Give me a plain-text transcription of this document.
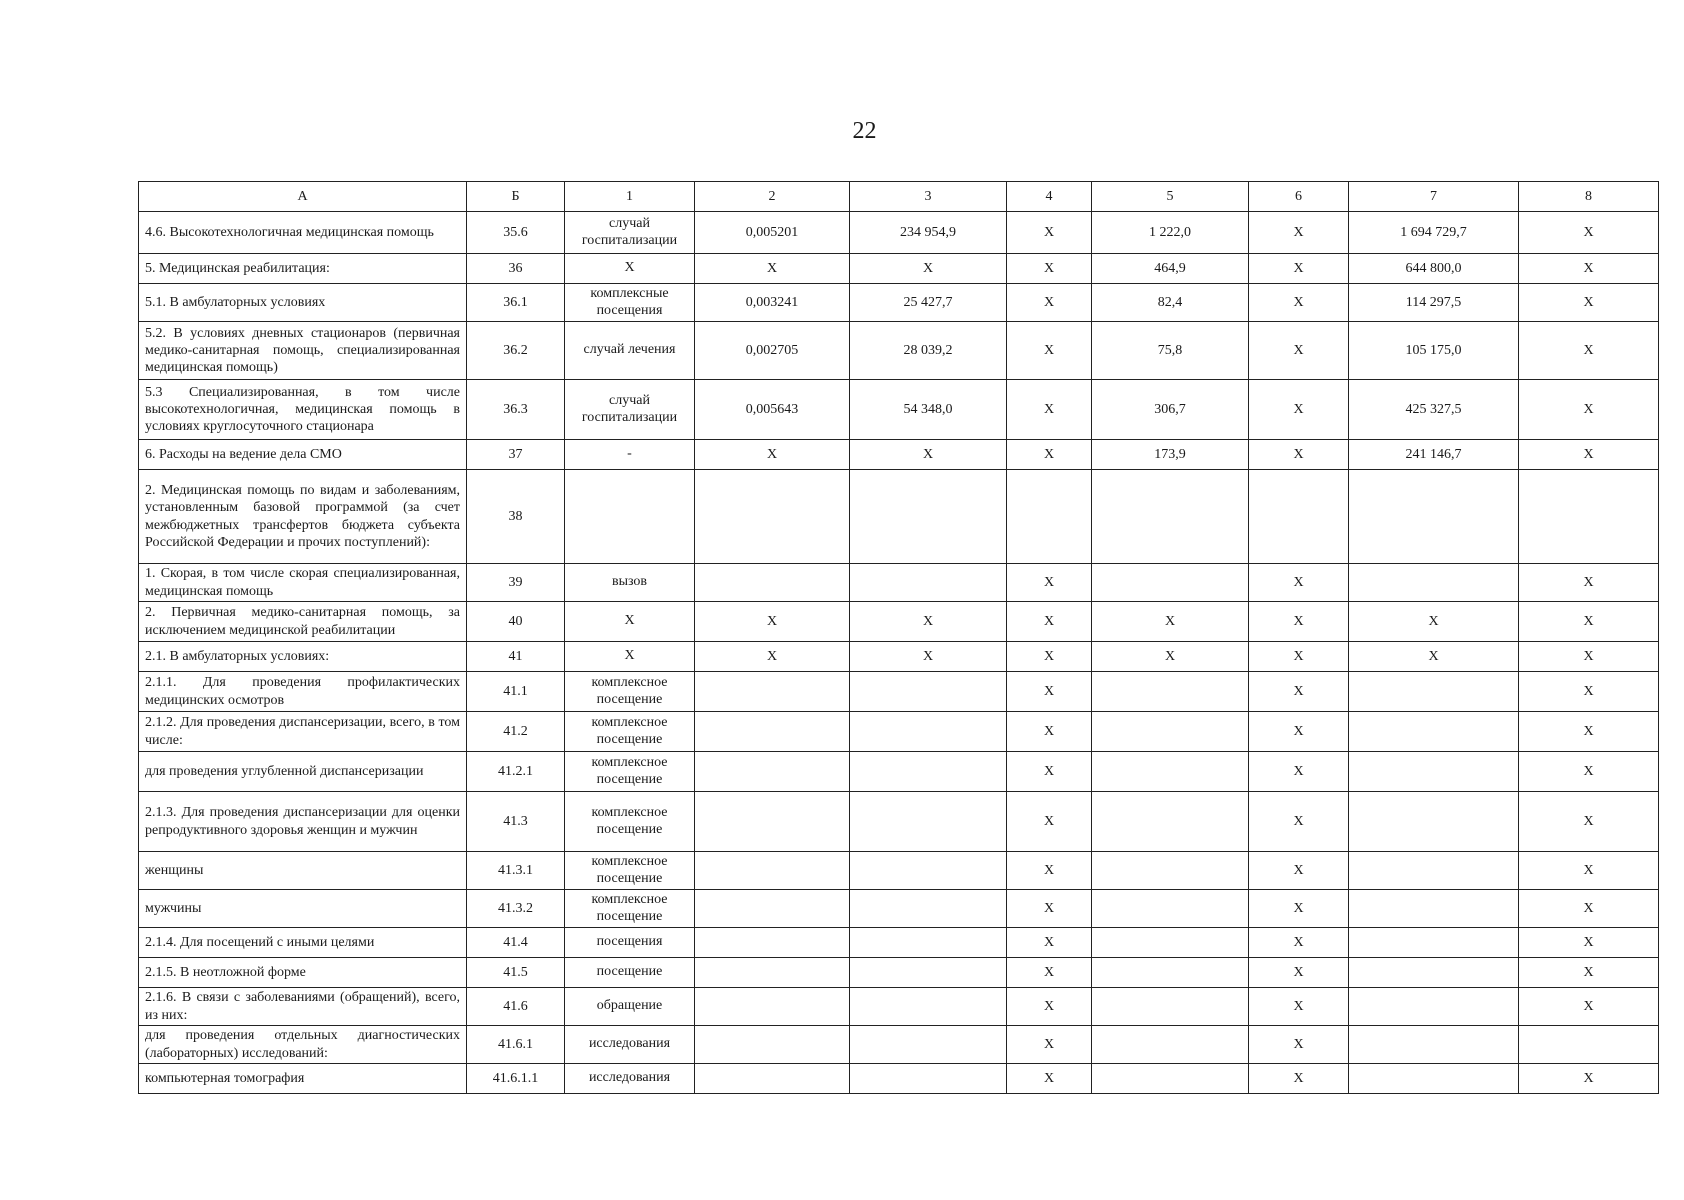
22
А	Б	1	2	3	4	5	6	7	8
4.6. Высокотехнологичная медицинская помощь	35.6	случай госпитализации	0,005201	234 954,9	Х	1 222,0	Х	1 694 729,7	Х
5. Медицинская реабилитация:	36	Х	Х	Х	Х	464,9	Х	644 800,0	Х
5.1. В амбулаторных условиях	36.1	комплексные посещения	0,003241	25 427,7	Х	82,4	Х	114 297,5	Х
5.2. В условиях дневных стационаров (первичная медико-санитарная помощь, специализированная медицинская помощь)	36.2	случай лечения	0,002705	28 039,2	Х	75,8	Х	105 175,0	Х
5.3 Специализированная, в том числе высокотехнологичная, медицинская помощь в условиях круглосуточного стационара	36.3	случай госпитализации	0,005643	54 348,0	Х	306,7	Х	425 327,5	Х
6. Расходы на ведение дела СМО	37	-	Х	Х	Х	173,9	Х	241 146,7	Х
2. Медицинская помощь по видам и заболеваниям, установленным базовой программой (за счет межбюджетных трансфертов бюджета субъекта Российской Федерации и прочих поступлений):	38								
1. Скорая, в том числе скорая специализированная, медицинская помощь	39	вызов			Х		Х		Х
2. Первичная медико-санитарная помощь, за исключением медицинской реабилитации	40	Х	Х	Х	Х	Х	Х	Х	Х
2.1. В амбулаторных условиях:	41	Х	Х	Х	Х	Х	Х	Х	Х
2.1.1. Для проведения профилактических медицинских осмотров	41.1	комплексное посещение			Х		Х		Х
2.1.2. Для проведения диспансеризации, всего, в том числе:	41.2	комплексное посещение			Х		Х		Х
для проведения углубленной диспансеризации	41.2.1	комплексное посещение			Х		Х		Х
2.1.3. Для проведения диспансеризации для оценки репродуктивного здоровья женщин и мужчин	41.3	комплексное посещение			Х		Х		Х
женщины	41.3.1	комплексное посещение			Х		Х		Х
мужчины	41.3.2	комплексное посещение			Х		Х		Х
2.1.4. Для посещений с иными целями	41.4	посещения			Х		Х		Х
2.1.5. В неотложной форме	41.5	посещение			Х		Х		Х
2.1.6. В связи с заболеваниями (обращений), всего, из них:	41.6	обращение			Х		Х		Х
для проведения отдельных диагностических (лабораторных) исследований:	41.6.1	исследования			Х		Х		
компьютерная томография	41.6.1.1	исследования			Х		Х		Х
